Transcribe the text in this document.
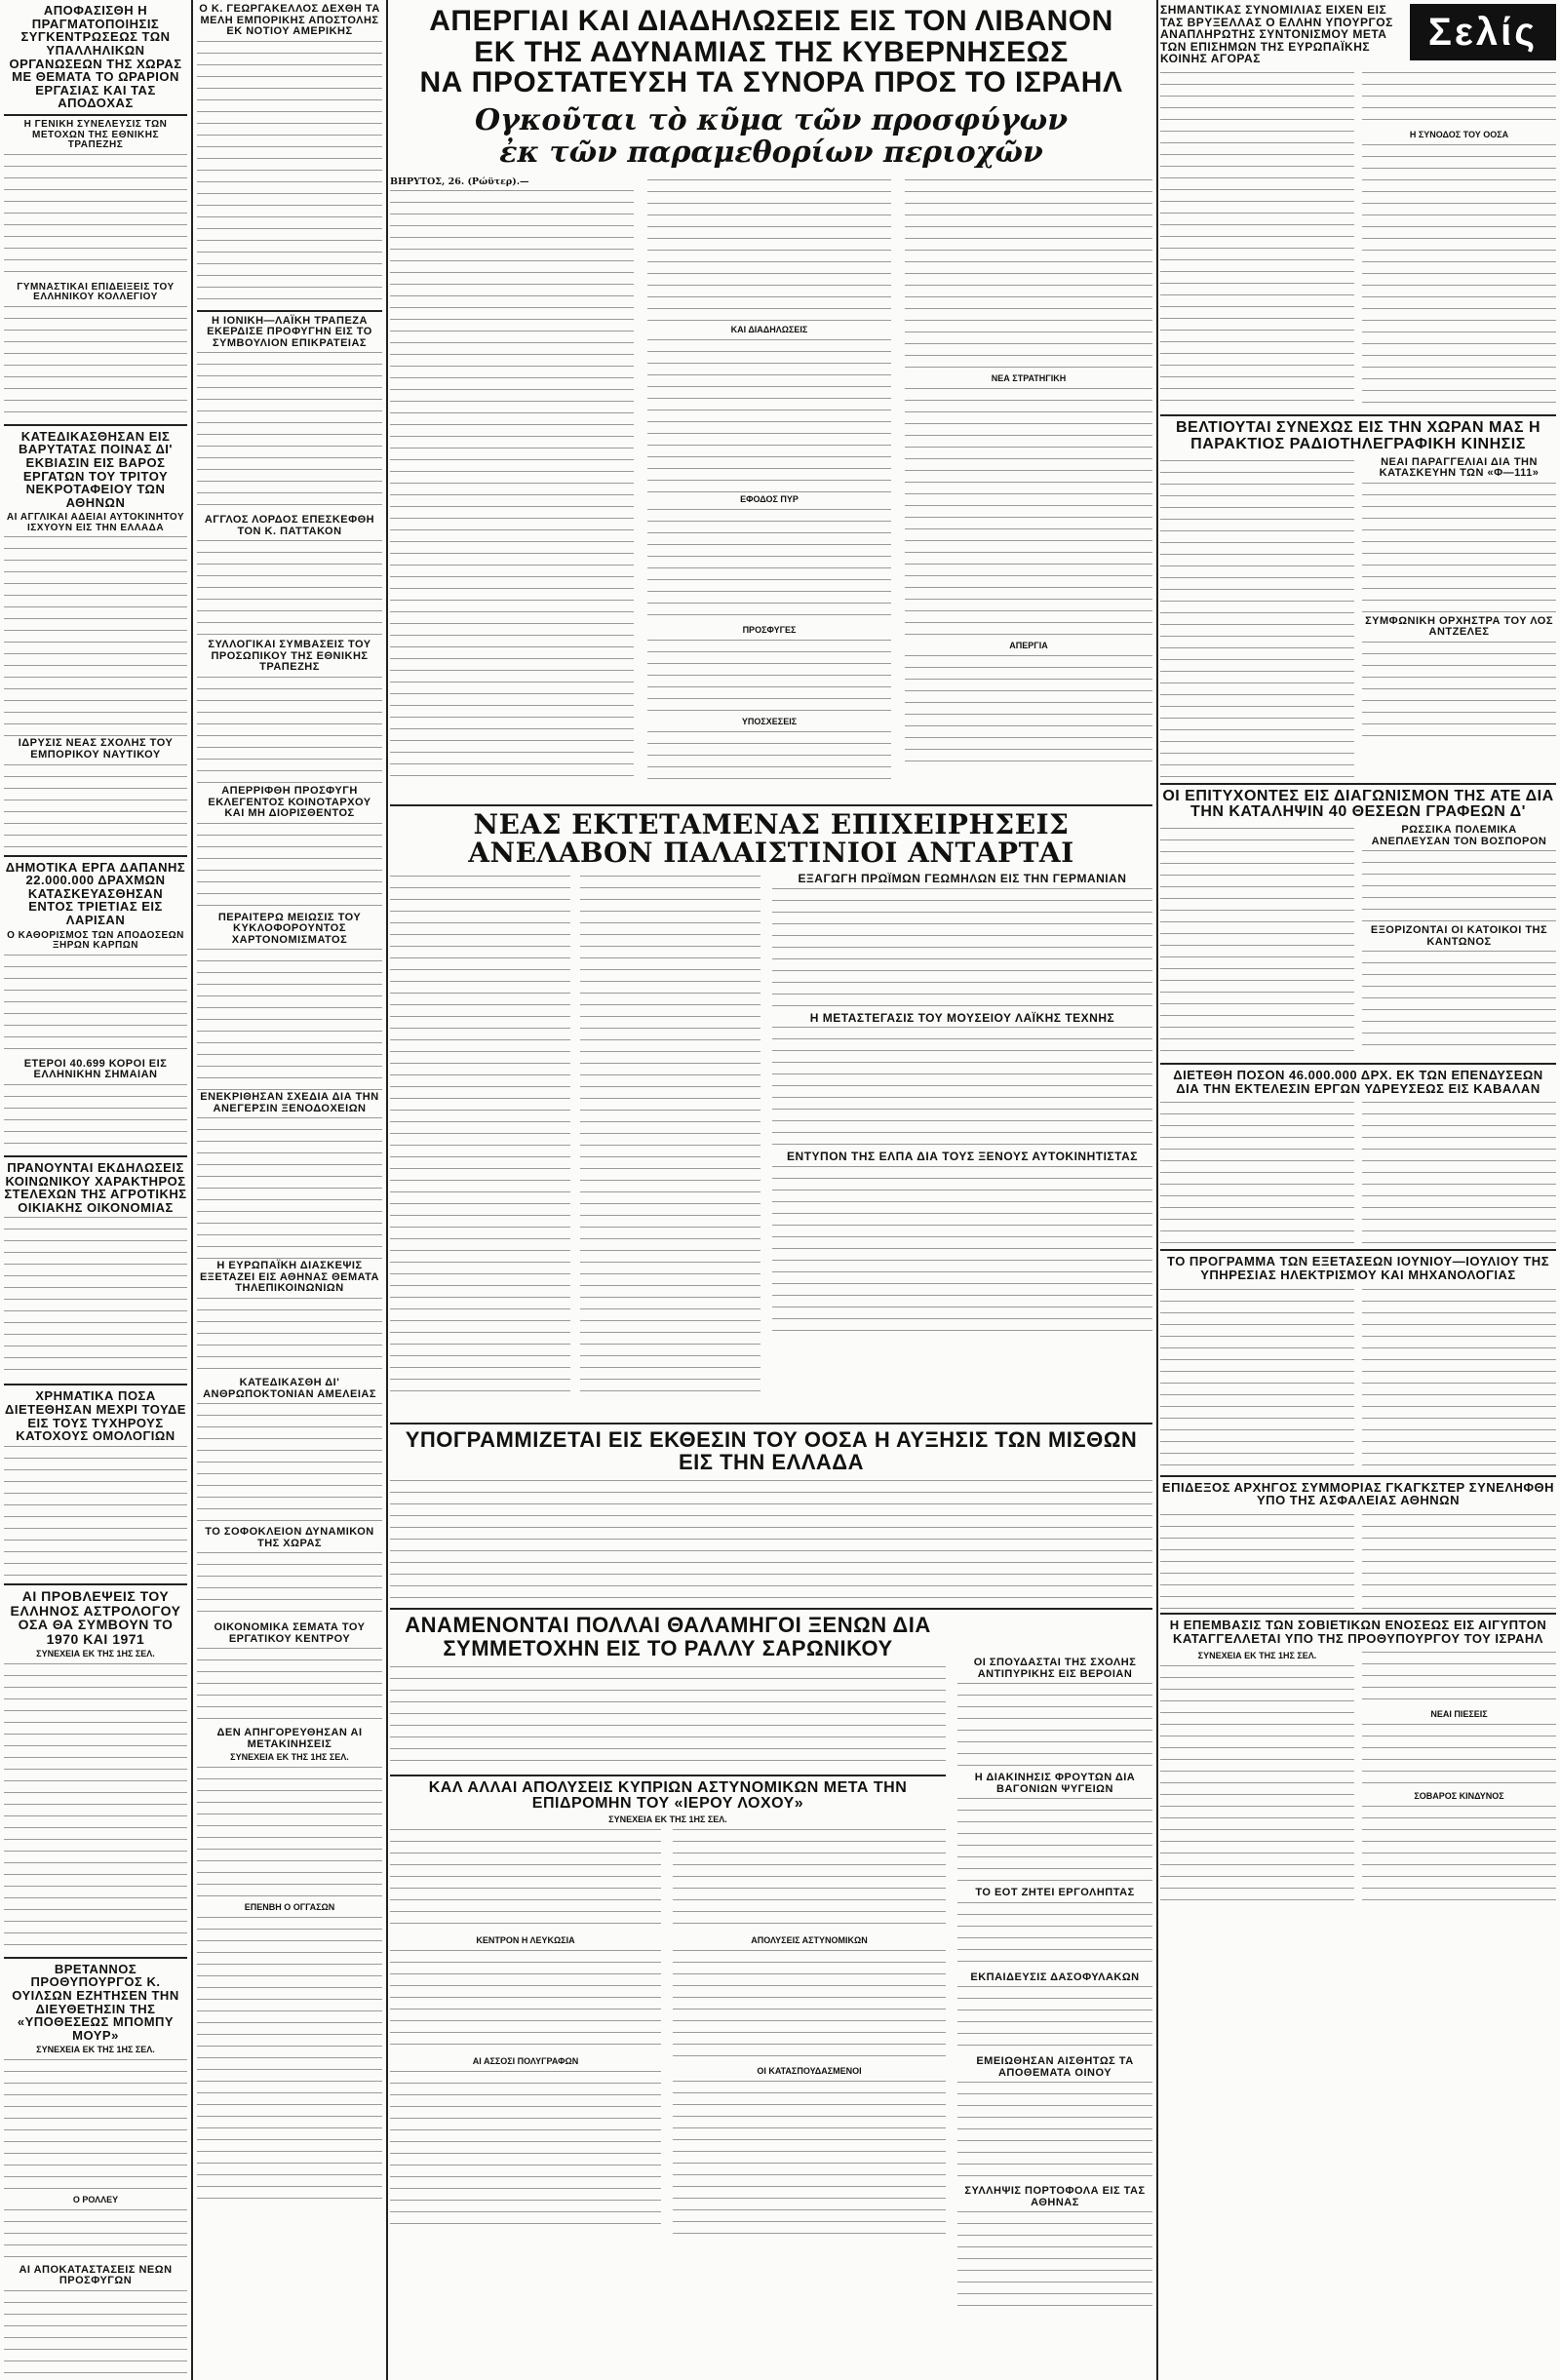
ΑΠΟΦΑΣΙΣΘΗ Η ΠΡΑΓΜΑΤΟΠΟΙΗΣΙΣ ΣΥΓΚΕΝΤΡΩΣΕΩΣ ΤΩΝ ΥΠΑΛΛΗΛΙΚΩΝ ΟΡΓΑΝΩΣΕΩΝ ΤΗΣ ΧΩΡΑΣ ΜΕ ΘΕΜΑΤΑ ΤΟ ΩΡΑΡΙΟΝ ΕΡΓΑΣΙΑΣ ΚΑΙ ΤΑΣ ΑΠΟΔΟΧΑΣ
Η ΓΕΝΙΚΗ ΣΥΝΕΛΕΥΣΙΣ ΤΩΝ ΜΕΤΟΧΩΝ ΤΗΣ ΕΘΝΙΚΗΣ ΤΡΑΠΕΖΗΣ
ΓΥΜΝΑΣΤΙΚΑΙ ΕΠΙΔΕΙΞΕΙΣ ΤΟΥ ΕΛΛΗΝΙΚΟΥ ΚΟΛΛΕΓΙΟΥ
ΚΑΤΕΔΙΚΑΣΘΗΣΑΝ ΕΙΣ ΒΑΡΥΤΑΤΑΣ ΠΟΙΝΑΣ ΔΙ' ΕΚΒΙΑΣΙΝ ΕΙΣ ΒΑΡΟΣ ΕΡΓΑΤΩΝ ΤΟΥ ΤΡΙΤΟΥ ΝΕΚΡΟΤΑΦΕΙΟΥ ΤΩΝ ΑΘΗΝΩΝ
ΑΙ ΑΓΓΛΙΚΑΙ ΑΔΕΙΑΙ ΑΥΤΟΚΙΝΗΤΟΥ ΙΣΧΥΟΥΝ ΕΙΣ ΤΗΝ ΕΛΛΑΔΑ
ΙΔΡΥΣΙΣ ΝΕΑΣ ΣΧΟΛΗΣ ΤΟΥ ΕΜΠΟΡΙΚΟΥ ΝΑΥΤΙΚΟΥ
ΔΗΜΟΤΙΚΑ ΕΡΓΑ ΔΑΠΑΝΗΣ 22.000.000 ΔΡΑΧΜΩΝ ΚΑΤΑΣΚΕΥΑΣΘΗΣΑΝ ΕΝΤΟΣ ΤΡΙΕΤΙΑΣ ΕΙΣ ΛΑΡΙΣΑΝ
Ο ΚΑΘΟΡΙΣΜΟΣ ΤΩΝ ΑΠΟΔΟΣΕΩΝ ΞΗΡΩΝ ΚΑΡΠΩΝ
ΕΤΕΡΟΙ 40.699 ΚΟΡΟΙ ΕΙΣ ΕΛΛΗΝΙΚΗΝ ΣΗΜΑΙΑΝ
ΠΡΑΝΟΥΝΤΑΙ ΕΚΔΗΛΩΣΕΙΣ ΚΟΙΝΩΝΙΚΟΥ ΧΑΡΑΚΤΗΡΟΣ ΣΤΕΛΕΧΩΝ ΤΗΣ ΑΓΡΟΤΙΚΗΣ ΟΙΚΙΑΚΗΣ ΟΙΚΟΝΟΜΙΑΣ
ΧΡΗΜΑΤΙΚΑ ΠΟΣΑ ΔΙΕΤΕΘΗΣΑΝ ΜΕΧΡΙ ΤΟΥΔΕ ΕΙΣ ΤΟΥΣ ΤΥΧΗΡΟΥΣ ΚΑΤΟΧΟΥΣ ΟΜΟΛΟΓΙΩΝ
ΑΙ ΠΡΟΒΛΕΨΕΙΣ ΤΟΥ ΕΛΛΗΝΟΣ ΑΣΤΡΟΛΟΓΟΥ ΟΣΑ ΘΑ ΣΥΜΒΟΥΝ ΤΟ 1970 ΚΑΙ 1971
ΣΥΝΕΧΕΙΑ ΕΚ ΤΗΣ 1ΗΣ ΣΕΛ.
ΒΡΕΤΑΝΝΟΣ ΠΡΟΘΥΠΟΥΡΓΟΣ Κ. ΟΥΙΛΣΩΝ ΕΖΗΤΗΣΕΝ ΤΗΝ ΔΙΕΥΘΕΤΗΣΙΝ ΤΗΣ «ΥΠΟΘΕΣΕΩΣ ΜΠΟΜΠΥ ΜΟΥΡ»
ΣΥΝΕΧΕΙΑ ΕΚ ΤΗΣ 1ΗΣ ΣΕΛ.
Ο ΡΟΛΛΕΥ
ΑΙ ΑΠΟΚΑΤΑΣΤΑΣΕΙΣ ΝΕΩΝ ΠΡΟΣΦΥΓΩΝ
Ο Κ. ΓΕΩΡΓΑΚΕΛΛΟΣ ΔΕΧΘΗ ΤΑ ΜΕΛΗ ΕΜΠΟΡΙΚΗΣ ΑΠΟΣΤΟΛΗΣ ΕΚ ΝΟΤΙΟΥ ΑΜΕΡΙΚΗΣ
Η ΙΟΝΙΚΗ—ΛΑΪΚΗ ΤΡΑΠΕΖΑ ΕΚΕΡΔΙΣΕ ΠΡΟΦΥΓΗΝ ΕΙΣ ΤΟ ΣΥΜΒΟΥΛΙΟΝ ΕΠΙΚΡΑΤΕΙΑΣ
ΑΓΓΛΟΣ ΛΟΡΔΟΣ ΕΠΕΣΚΕΦΘΗ ΤΟΝ Κ. ΠΑΤΤΑΚΟΝ
ΣΥΛΛΟΓΙΚΑΙ ΣΥΜΒΑΣΕΙΣ ΤΟΥ ΠΡΟΣΩΠΙΚΟΥ ΤΗΣ ΕΘΝΙΚΗΣ ΤΡΑΠΕΖΗΣ
ΑΠΕΡΡΙΦΘΗ ΠΡΟΣΦΥΓΗ ΕΚΛΕΓΕΝΤΟΣ ΚΟΙΝΟΤΑΡΧΟΥ ΚΑΙ ΜΗ ΔΙΟΡΙΣΘΕΝΤΟΣ
ΠΕΡΑΙΤΕΡΩ ΜΕΙΩΣΙΣ ΤΟΥ ΚΥΚΛΟΦΟΡΟΥΝΤΟΣ ΧΑΡΤΟΝΟΜΙΣΜΑΤΟΣ
ΕΝΕΚΡΙΘΗΣΑΝ ΣΧΕΔΙΑ ΔΙΑ ΤΗΝ ΑΝΕΓΕΡΣΙΝ ΞΕΝΟΔΟΧΕΙΩΝ
Η ΕΥΡΩΠΑΪΚΗ ΔΙΑΣΚΕΨΙΣ ΕΞΕΤΑΖΕΙ ΕΙΣ ΑΘΗΝΑΣ ΘΕΜΑΤΑ ΤΗΛΕΠΙΚΟΙΝΩΝΙΩΝ
ΚΑΤΕΔΙΚΑΣΘΗ ΔΙ' ΑΝΘΡΩΠΟΚΤΟΝΙΑΝ ΑΜΕΛΕΙΑΣ
ΤΟ ΣΟΦΟΚΛΕΙΟΝ ΔΥΝΑΜΙΚΟΝ ΤΗΣ ΧΩΡΑΣ
ΟΙΚΟΝΟΜΙΚΑ ΣΕΜΑΤΑ ΤΟΥ ΕΡΓΑΤΙΚΟΥ ΚΕΝΤΡΟΥ
ΔΕΝ ΑΠΗΓΟΡΕΥΘΗΣΑΝ ΑΙ ΜΕΤΑΚΙΝΗΣΕΙΣ
ΣΥΝΕΧΕΙΑ ΕΚ ΤΗΣ 1ΗΣ ΣΕΛ.
ΕΠΕΝΒΗ Ο ΟΓΓΑΣΩΝ
ΑΠΕΡΓΙΑΙ ΚΑΙ ΔΙΑΔΗΛΩΣΕΙΣ ΕΙΣ ΤΟΝ ΛΙΒΑΝΟΝ
ΕΚ ΤΗΣ ΑΔΥΝΑΜΙΑΣ ΤΗΣ ΚΥΒΕΡΝΗΣΕΩΣ
ΝΑ ΠΡΟΣΤΑΤΕΥΣΗ ΤΑ ΣΥΝΟΡΑ ΠΡΟΣ ΤΟ ΙΣΡΑΗΛ
Ογκοῦται τὸ κῦμα τῶν προσφύγων
ἐκ τῶν παραμεθορίων περιοχῶν
ΒΗΡΥΤΟΣ, 26. (Ρώϋτερ).—
ΚΑΙ ΔΙΑΔΗΛΩΣΕΙΣ
ΕΦΟΔΟΣ ΠΥΡ
ΠΡΟΣΦΥΓΕΣ
ΥΠΟΣΧΕΣΕΙΣ
ΝΕΑ ΣΤΡΑΤΗΓΙΚΗ
ΑΠΕΡΓΙΑ
ΝΕΑΣ ΕΚΤΕΤΑΜΕΝΑΣ ΕΠΙΧΕΙΡΗΣΕΙΣ ΑΝΕΛΑΒΟΝ ΠΑΛΑΙΣΤΙΝΙΟΙ ΑΝΤΑΡΤΑΙ
ΕΞΑΓΩΓΗ ΠΡΩΪΜΩΝ ΓΕΩΜΗΛΩΝ ΕΙΣ ΤΗΝ ΓΕΡΜΑΝΙΑΝ
Η ΜΕΤΑΣΤΕΓΑΣΙΣ ΤΟΥ ΜΟΥΣΕΙΟΥ ΛΑΪΚΗΣ ΤΕΧΝΗΣ
ΕΝΤΥΠΟΝ ΤΗΣ ΕΛΠΑ ΔΙΑ ΤΟΥΣ ΞΕΝΟΥΣ ΑΥΤΟΚΙΝΗΤΙΣΤΑΣ
ΥΠΟΓΡΑΜΜΙΖΕΤΑΙ ΕΙΣ ΕΚΘΕΣΙΝ ΤΟΥ ΟΟΣΑ Η ΑΥΞΗΣΙΣ ΤΩΝ ΜΙΣΘΩΝ ΕΙΣ ΤΗΝ ΕΛΛΑΔΑ
ΑΝΑΜΕΝΟΝΤΑΙ ΠΟΛΛΑΙ ΘΑΛΑΜΗΓΟΙ ΞΕΝΩΝ ΔΙΑ ΣΥΜΜΕΤΟΧΗΝ ΕΙΣ ΤΟ ΡΑΛΛΥ ΣΑΡΩΝΙΚΟΥ
ΚΑΛ ΑΛΛΑΙ ΑΠΟΛΥΣΕΙΣ ΚΥΠΡΙΩΝ ΑΣΤΥΝΟΜΙΚΩΝ ΜΕΤΑ ΤΗΝ ΕΠΙΔΡΟΜΗΝ ΤΟΥ «ΙΕΡΟΥ ΛΟΧΟΥ»
ΣΥΝΕΧΕΙΑ ΕΚ ΤΗΣ 1ΗΣ ΣΕΛ.
ΚΕΝΤΡΟΝ Η ΛΕΥΚΩΣΙΑ
ΑΙ ΑΣΣΟΣΙ ΠΟΛΥΓΡΑΦΩΝ
ΑΠΟΛΥΣΕΙΣ ΑΣΤΥΝΟΜΙΚΩΝ
ΟΙ ΚΑΤΑΣΠΟΥΔΑΣΜΕΝΟΙ
ΟΙ ΣΠΟΥΔΑΣΤΑΙ ΤΗΣ ΣΧΟΛΗΣ ΑΝΤΙΠΥΡΙΚΗΣ ΕΙΣ ΒΕΡΟΙΑΝ
Η ΔΙΑΚΙΝΗΣΙΣ ΦΡΟΥΤΩΝ ΔΙΑ ΒΑΓΟΝΙΩΝ ΨΥΓΕΙΩΝ
ΤΟ ΕΟΤ ΖΗΤΕΙ ΕΡΓΟΛΗΠΤΑΣ
ΕΚΠΑΙΔΕΥΣΙΣ ΔΑΣΟΦΥΛΑΚΩΝ
ΕΜΕΙΩΘΗΣΑΝ ΑΙΣΘΗΤΩΣ ΤΑ ΑΠΟΘΕΜΑΤΑ ΟΙΝΟΥ
ΣΥΛΛΗΨΙΣ ΠΟΡΤΟΦΟΛΑ ΕΙΣ ΤΑΣ ΑΘΗΝΑΣ
ΣΗΜΑΝΤΙΚΑΣ ΣΥΝΟΜΙΛΙΑΣ ΕΙΧΕΝ ΕΙΣ ΤΑΣ ΒΡΥΞΕΛΛΑΣ Ο ΕΛΛΗΝ ΥΠΟΥΡΓΟΣ ΑΝΑΠΛΗΡΩΤΗΣ ΣΥΝΤΟΝΙΣΜΟΥ ΜΕΤΑ ΤΩΝ ΕΠΙΣΗΜΩΝ ΤΗΣ ΕΥΡΩΠΑΪΚΗΣ ΚΟΙΝΗΣ ΑΓΟΡΑΣ
Σελίς
Η ΣΥΝΟΔΟΣ ΤΟΥ ΟΟΣΑ
ΒΕΛΤΙΟΥΤΑΙ ΣΥΝΕΧΩΣ ΕΙΣ ΤΗΝ ΧΩΡΑΝ ΜΑΣ Η ΠΑΡΑΚΤΙΟΣ ΡΑΔΙΟΤΗΛΕΓΡΑΦΙΚΗ ΚΙΝΗΣΙΣ
ΝΕΑΙ ΠΑΡΑΓΓΕΛΙΑΙ ΔΙΑ ΤΗΝ ΚΑΤΑΣΚΕΥΗΝ ΤΩΝ «Φ—111»
ΣΥΜΦΩΝΙΚΗ ΟΡΧΗΣΤΡΑ ΤΟΥ ΛΟΣ ΑΝΤΖΕΛΕΣ
ΟΙ ΕΠΙΤΥΧΟΝΤΕΣ ΕΙΣ ΔΙΑΓΩΝΙΣΜΟΝ ΤΗΣ ΑΤΕ ΔΙΑ ΤΗΝ ΚΑΤΑΛΗΨΙΝ 40 ΘΕΣΕΩΝ ΓΡΑΦΕΩΝ Δ'
ΡΩΣΣΙΚΑ ΠΟΛΕΜΙΚΑ ΑΝΕΠΛΕΥΣΑΝ ΤΟΝ ΒΟΣΠΟΡΟΝ
ΕΞΟΡΙΖΟΝΤΑΙ ΟΙ ΚΑΤΟΙΚΟΙ ΤΗΣ ΚΑΝΤΩΝΟΣ
ΔΙΕΤΕΘΗ ΠΟΣΟΝ 46.000.000 ΔΡΧ. ΕΚ ΤΩΝ ΕΠΕΝΔΥΣΕΩΝ ΔΙΑ ΤΗΝ ΕΚΤΕΛΕΣΙΝ ΕΡΓΩΝ ΥΔΡΕΥΣΕΩΣ ΕΙΣ ΚΑΒΑΛΑΝ
ΤΟ ΠΡΟΓΡΑΜΜΑ ΤΩΝ ΕΞΕΤΑΣΕΩΝ ΙΟΥΝΙΟΥ—ΙΟΥΛΙΟΥ ΤΗΣ ΥΠΗΡΕΣΙΑΣ ΗΛΕΚΤΡΙΣΜΟΥ ΚΑΙ ΜΗΧΑΝΟΛΟΓΙΑΣ
ΕΠΙΔΕΞΟΣ ΑΡΧΗΓΟΣ ΣΥΜΜΟΡΙΑΣ ΓΚΑΓΚΣΤΕΡ ΣΥΝΕΛΗΦΘΗ ΥΠΟ ΤΗΣ ΑΣΦΑΛΕΙΑΣ ΑΘΗΝΩΝ
Η ΕΠΕΜΒΑΣΙΣ ΤΩΝ ΣΟΒΙΕΤΙΚΩΝ ΕΝΟΣΕΩΣ ΕΙΣ ΑΙΓΥΠΤΟΝ ΚΑΤΑΓΓΕΛΛΕΤΑΙ ΥΠΟ ΤΗΣ ΠΡΟΘΥΠΟΥΡΓΟΥ ΤΟΥ ΙΣΡΑΗΛ
ΣΥΝΕΧΕΙΑ ΕΚ ΤΗΣ 1ΗΣ ΣΕΛ.
ΝΕΑΙ ΠΙΕΣΕΙΣ
ΣΟΒΑΡΟΣ ΚΙΝΔΥΝΟΣ
